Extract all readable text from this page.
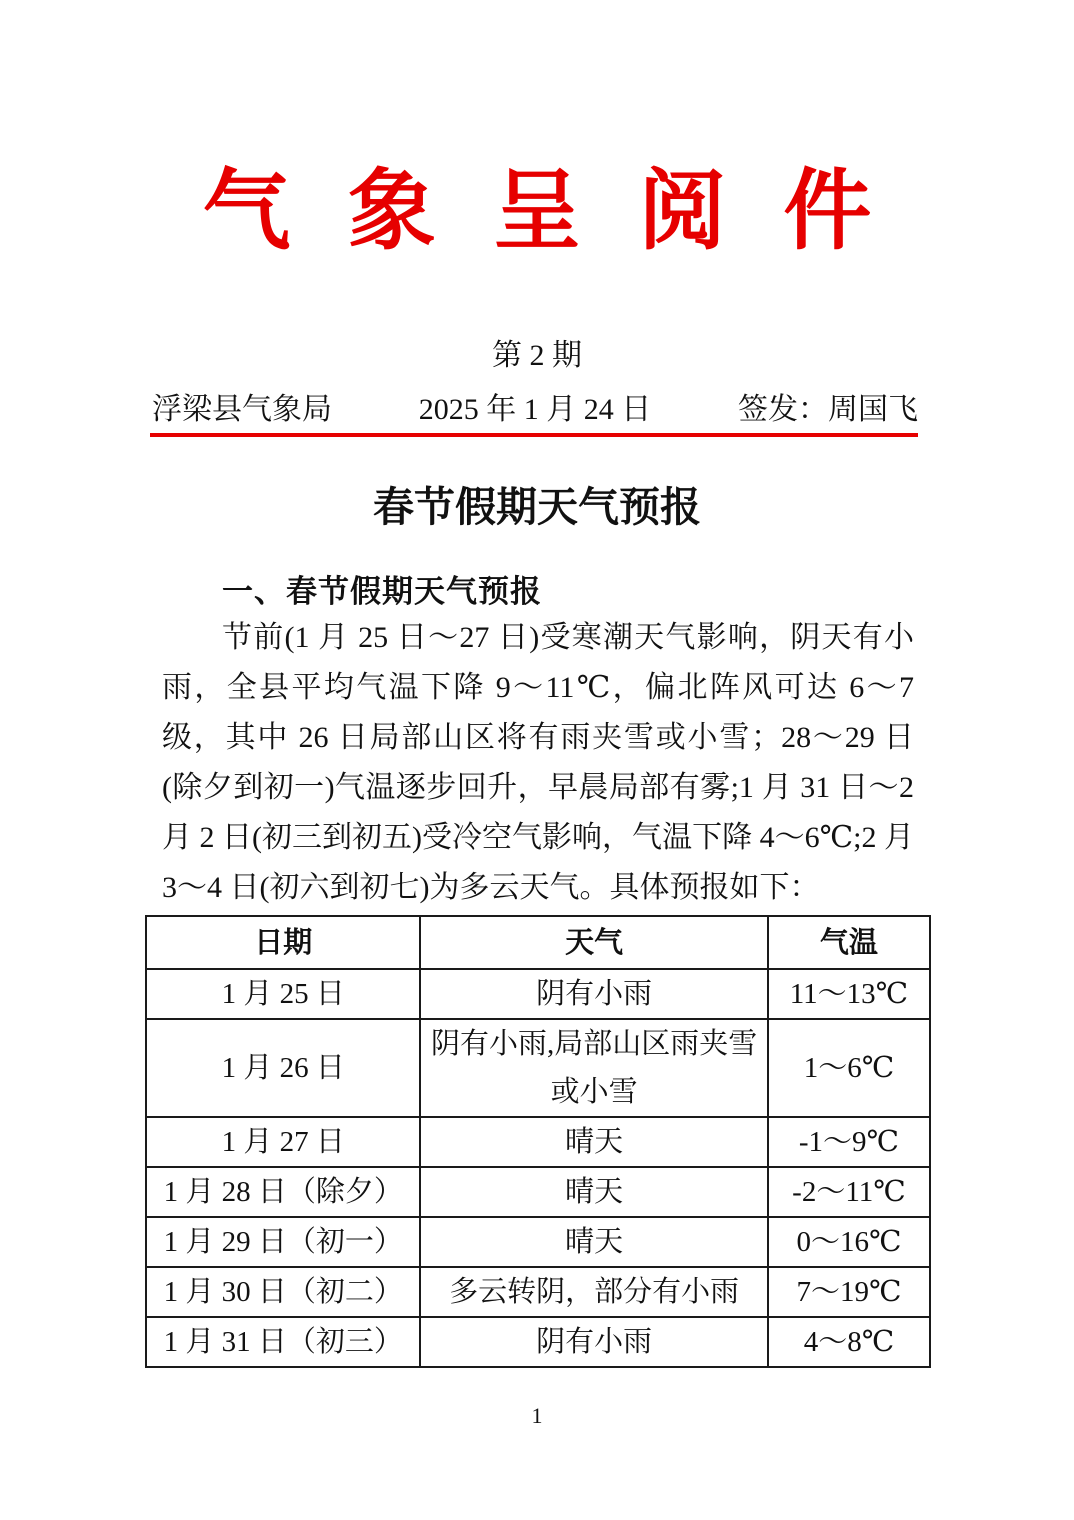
气 象 呈 阅 件
第 2 期
浮梁县气象局	2025 年 1 月 24 日	签发：周国飞
春节假期天气预报
一、春节假期天气预报

节前(1 月 25 日～27 日)受寒潮天气影响，阴天有小雨，全县平均气温下降 9～11℃，偏北阵风可达 6～7 级，其中 26 日局部山区将有雨夹雪或小雪；28～29 日(除夕到初一)气温逐步回升，早晨局部有雾;1 月 31 日～2 月 2 日(初三到初五)受冷空气影响，气温下降 4～6℃;2 月 3～4 日(初六到初七)为多云天气。具体预报如下：

日期	天气	气温
1 月 25 日	阴有小雨	11～13℃
1 月 26 日	阴有小雨,局部山区雨夹雪或小雪	1～6℃
1 月 27 日	晴天	-1～9℃
1 月 28 日（除夕）	晴天	-2～11℃
1 月 29 日（初一）	晴天	0～16℃
1 月 30 日（初二）	多云转阴，部分有小雨	7～19℃
1 月 31 日（初三）	阴有小雨	4～8℃
1
